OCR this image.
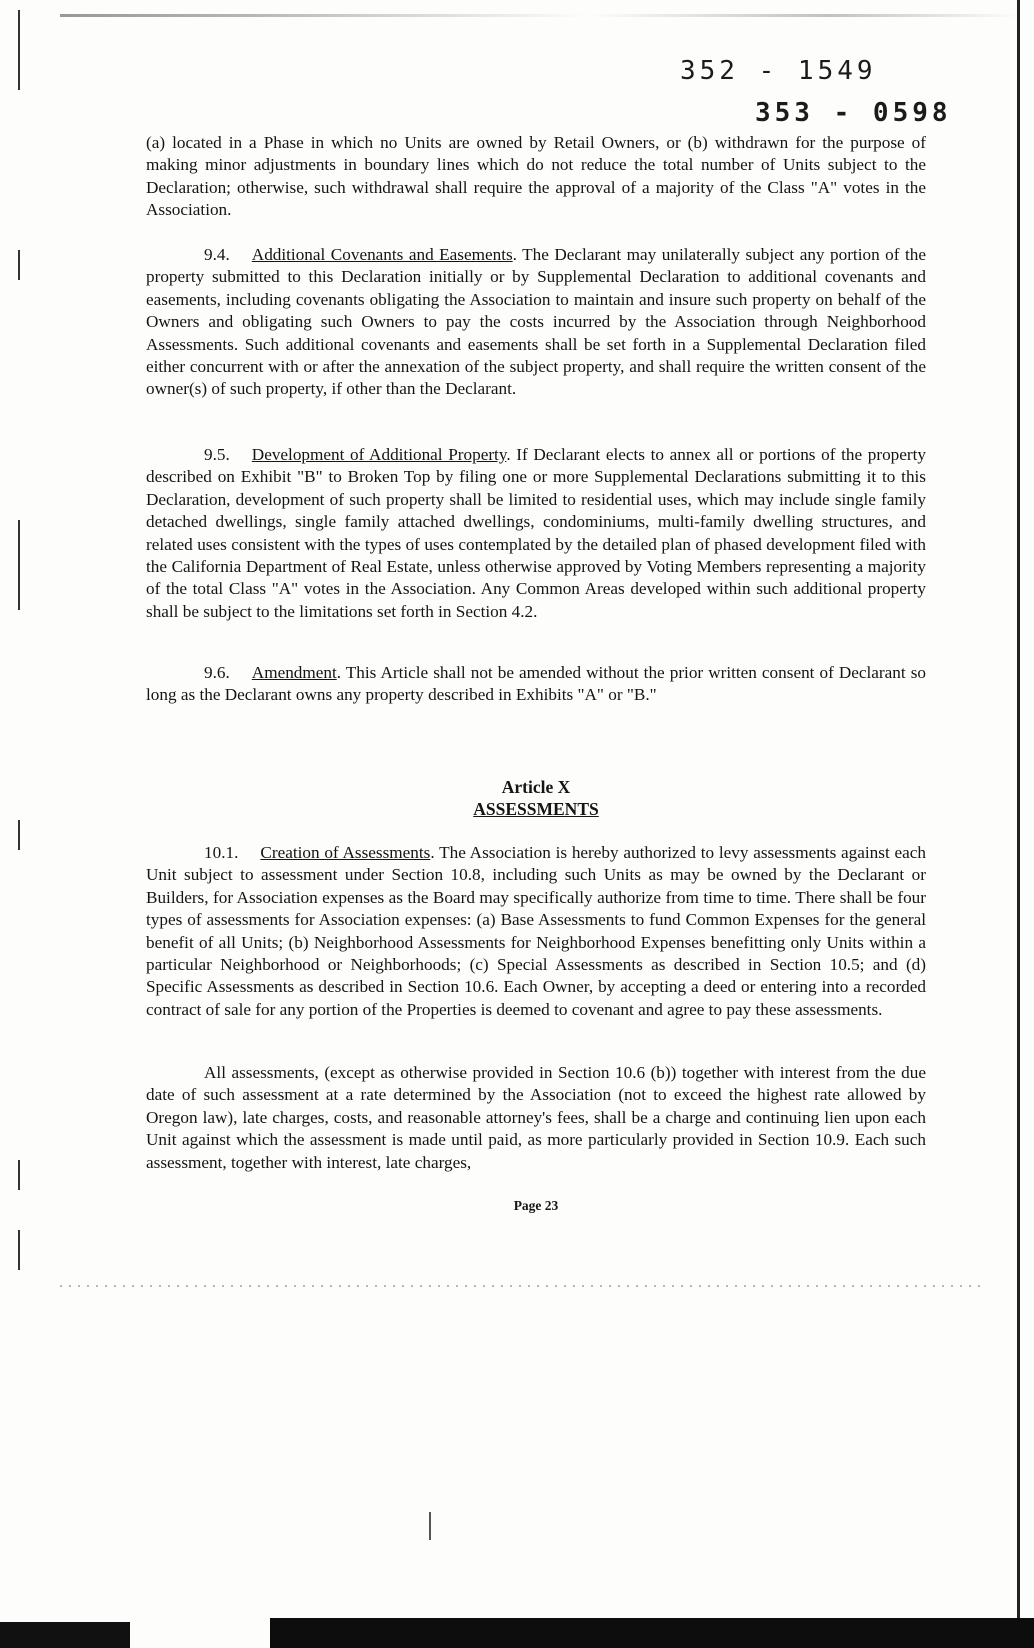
352 - 1549
353 - 0598

(a) located in a Phase in which no Units are owned by Retail Owners, or (b) withdrawn for the purpose of making minor adjustments in boundary lines which do not reduce the total number of Units subject to the Declaration; otherwise, such withdrawal shall require the approval of a majority of the Class "A" votes in the Association.

9.4. Additional Covenants and Easements. The Declarant may unilaterally subject any portion of the property submitted to this Declaration initially or by Supplemental Declaration to additional covenants and easements, including covenants obligating the Association to maintain and insure such property on behalf of the Owners and obligating such Owners to pay the costs incurred by the Association through Neighborhood Assessments. Such additional covenants and easements shall be set forth in a Supplemental Declaration filed either concurrent with or after the annexation of the subject property, and shall require the written consent of the owner(s) of such property, if other than the Declarant.

9.5. Development of Additional Property. If Declarant elects to annex all or portions of the property described on Exhibit "B" to Broken Top by filing one or more Supplemental Declarations submitting it to this Declaration, development of such property shall be limited to residential uses, which may include single family detached dwellings, single family attached dwellings, condominiums, multi-family dwelling structures, and related uses consistent with the types of uses contemplated by the detailed plan of phased development filed with the California Department of Real Estate, unless otherwise approved by Voting Members representing a majority of the total Class "A" votes in the Association. Any Common Areas developed within such additional property shall be subject to the limitations set forth in Section 4.2.

9.6. Amendment. This Article shall not be amended without the prior written consent of Declarant so long as the Declarant owns any property described in Exhibits "A" or "B."

Article X
ASSESSMENTS

10.1. Creation of Assessments. The Association is hereby authorized to levy assessments against each Unit subject to assessment under Section 10.8, including such Units as may be owned by the Declarant or Builders, for Association expenses as the Board may specifically authorize from time to time. There shall be four types of assessments for Association expenses: (a) Base Assessments to fund Common Expenses for the general benefit of all Units; (b) Neighborhood Assessments for Neighborhood Expenses benefitting only Units within a particular Neighborhood or Neighborhoods; (c) Special Assessments as described in Section 10.5; and (d) Specific Assessments as described in Section 10.6. Each Owner, by accepting a deed or entering into a recorded contract of sale for any portion of the Properties is deemed to covenant and agree to pay these assessments.

All assessments, (except as otherwise provided in Section 10.6 (b)) together with interest from the due date of such assessment at a rate determined by the Association (not to exceed the highest rate allowed by Oregon law), late charges, costs, and reasonable attorney's fees, shall be a charge and continuing lien upon each Unit against which the assessment is made until paid, as more particularly provided in Section 10.9. Each such assessment, together with interest, late charges,

Page 23
